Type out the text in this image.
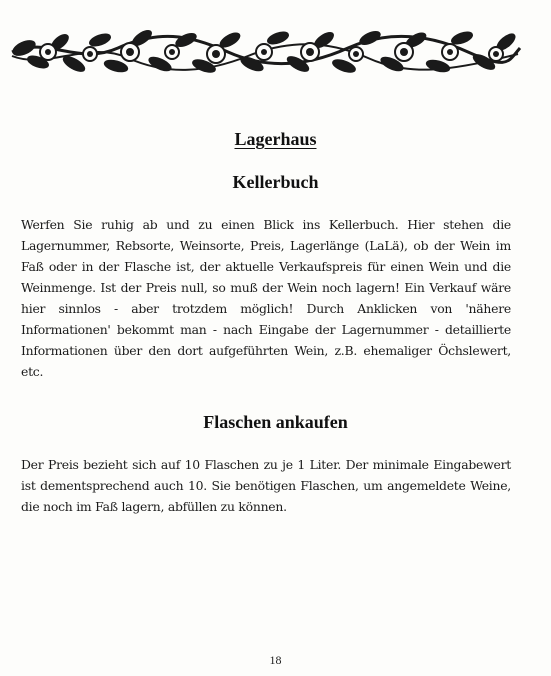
Lagerhaus
Kellerbuch

Werfen Sie ruhig ab und zu einen Blick ins Kellerbuch. Hier stehen die Lagernummer, Rebsorte, Weinsorte, Preis, Lagerlänge (LaLä), ob der Wein im Faß oder in der Flasche ist, der aktuelle Verkaufspreis für einen Wein und die Weinmenge. Ist der Preis null, so muß der Wein noch lagern! Ein Verkauf wäre hier sinnlos - aber trotzdem möglich! Durch Anklicken von 'nähere Informationen' bekommt man - nach Eingabe der Lagernummer - detaillierte Informationen über den dort aufgeführten Wein, z.B. ehemaliger Öchslewert, etc.

Flaschen ankaufen

Der Preis bezieht sich auf 10 Flaschen zu je 1 Liter. Der minimale Eingabewert ist dementsprechend auch 10. Sie benötigen Flaschen, um angemeldete Weine, die noch im Faß lagern, abfüllen zu können.

18
